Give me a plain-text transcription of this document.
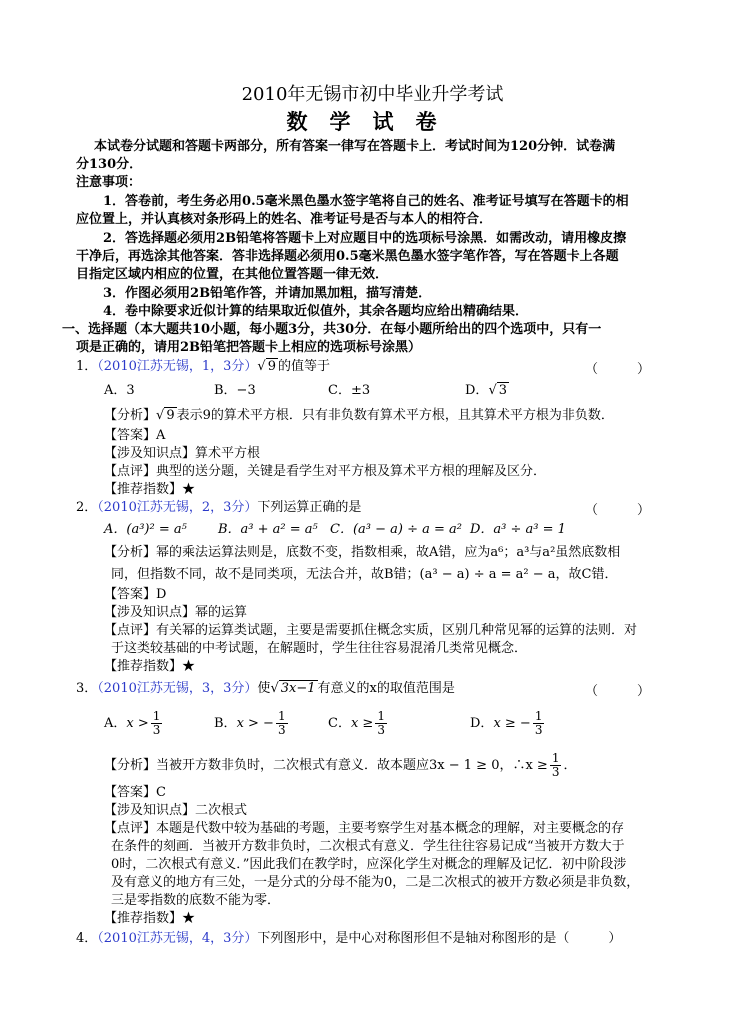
2010年无锡市初中毕业升学考试
数学试卷
本试卷分试题和答题卡两部分，所有答案一律写在答题卡上．考试时间为120分钟．试卷满
分130分．
注意事项：
1．答卷前，考生务必用0.5毫米黑色墨水签字笔将自己的姓名、准考证号填写在答题卡的相
应位置上，并认真核对条形码上的姓名、准考证号是否与本人的相符合．
2．答选择题必须用2B铅笔将答题卡上对应题目中的选项标号涂黑．如需改动，请用橡皮擦
干净后，再选涂其他答案．答非选择题必须用0.5毫米黑色墨水签字笔作答，写在答题卡上各题
目指定区域内相应的位置，在其他位置答题一律无效．
3．作图必须用2B铅笔作答，并请加黑加粗，描写清楚．
4．卷中除要求近似计算的结果取近似值外，其余各题均应给出精确结果．
一、选择题（本大题共10小题，每小题3分，共30分．在每小题所给出的四个选项中，只有一
项是正确的，请用2B铅笔把答题卡上相应的选项标号涂黑）
1．（2010江苏无锡，1，3分）√ 9 的值等于	（　　　）
A．3	B．−3	C．±3	D．√ 3
【分析】√ 9 表示9的算术平方根．只有非负数有算术平方根，且其算术平方根为非负数．
【答案】A
【涉及知识点】算术平方根
【点评】典型的送分题，关键是看学生对平方根及算术平方根的理解及区分．
【推荐指数】★
2．（2010江苏无锡，2，3分）下列运算正确的是	（　　　）
A．(a³)² = a⁵ B．a³ + a² = a⁵ C．(a³ − a) ÷ a = a² D．a³ ÷ a³ = 1
【分析】幂的乘法运算法则是，底数不变，指数相乘，故A错，应为a⁶；a³与a²虽然底数相
同，但指数不同，故不是同类项，无法合并，故B错；(a³ − a) ÷ a = a² − a，故C错．
【答案】D
【涉及知识点】幂的运算
【点评】有关幂的运算类试题，主要是需要抓住概念实质，区别几种常见幂的运算的法则．对
于这类较基础的中考试题，在解题时，学生往往容易混淆几类常见概念．
【推荐指数】★
3．（2010江苏无锡，3，3分）使√ 3x−1 有意义的x的取值范围是	（　　　）
A．$x > \frac{1}{3}$	B．x > − $\frac{1}{3}$	C．$x \ge \frac{1}{3}$	D．x ≥ − $\frac{1}{3}$
【分析】当被开方数非负时，二次根式有意义．故本题应3x − 1 ≥ 0，∴x ≥ $\frac{1}{3}$ ．
【答案】C
【涉及知识点】二次根式
【点评】本题是代数中较为基础的考题，主要考察学生对基本概念的理解，对主要概念的存
在条件的刻画．当被开方数非负时，二次根式有意义．学生往往容易记成“当被开方数大于
0时，二次根式有意义．”因此我们在教学时，应深化学生对概念的理解及记忆．初中阶段涉
及有意义的地方有三处，一是分式的分母不能为0，二是二次根式的被开方数必须是非负数，
三是零指数的底数不能为零．
【推荐指数】★
4．（2010江苏无锡，4，3分）下列图形中，是中心对称图形但不是轴对称图形的是（　　　）
